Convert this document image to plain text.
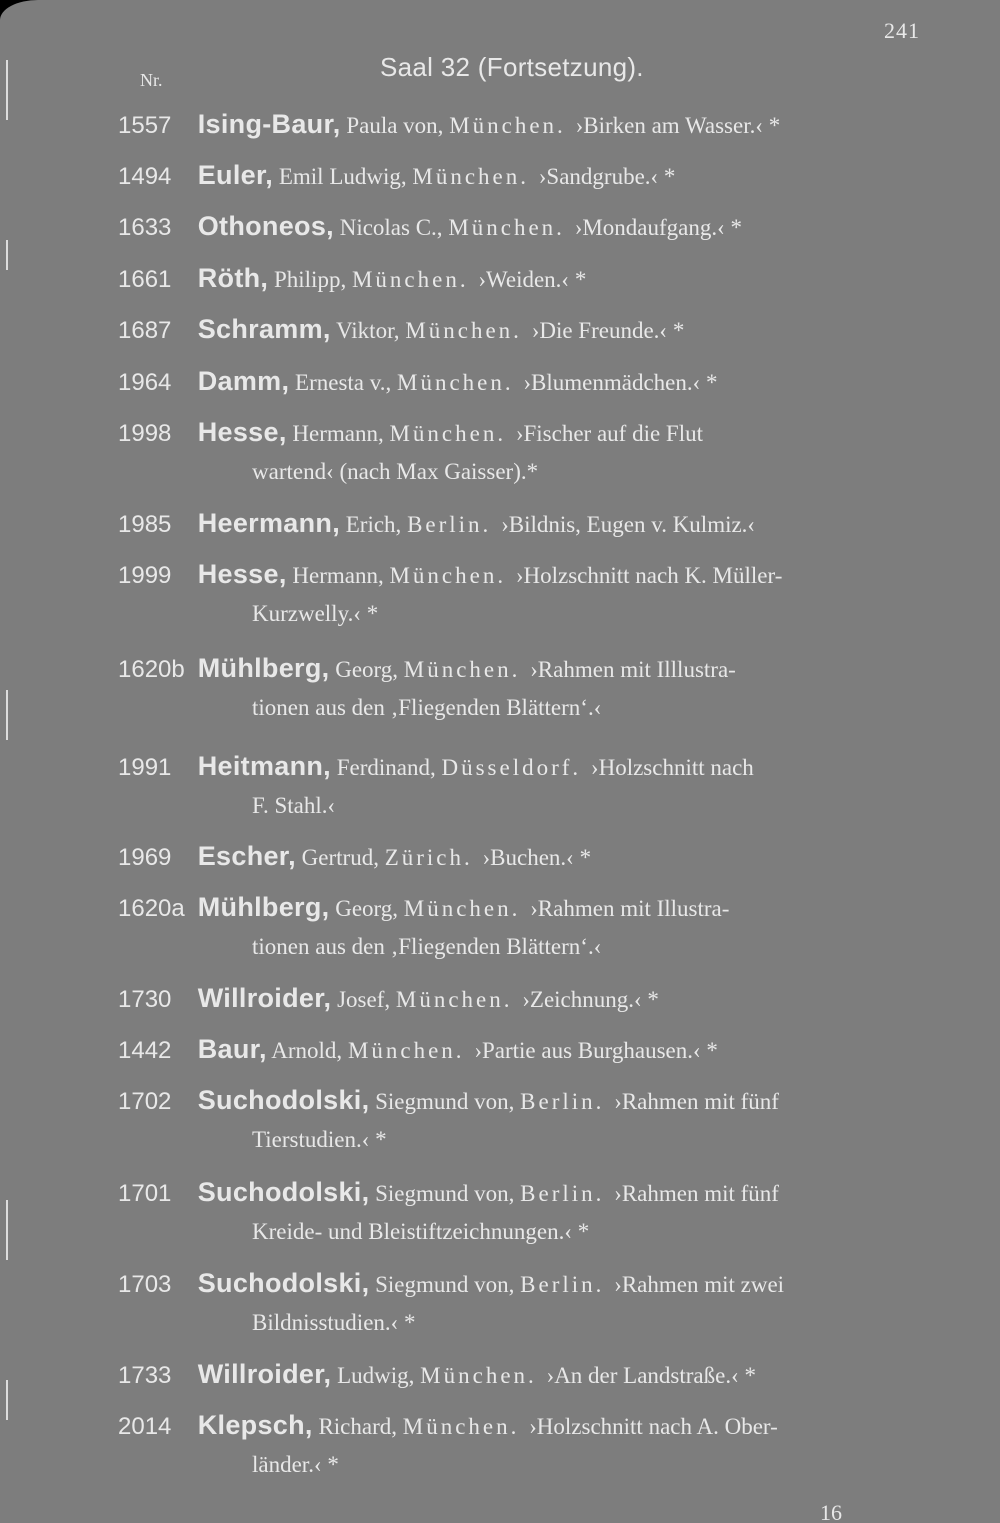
241
Nr.	Saal 32 (Fortsetzung).
1557 Ising-Baur, Paula von, München. ›Birken am Wasser.‹ *
1494 Euler, Emil Ludwig, München. ›Sandgrube.‹ *
1633 Othoneos, Nicolas C., München. ›Mondaufgang.‹ *
1661 Röth, Philipp, München. ›Weiden.‹ *
1687 Schramm, Viktor, München. ›Die Freunde.‹ *
1964 Damm, Ernesta v., München. ›Blumenmädchen.‹ *
1998 Hesse, Hermann, München. ›Fischer auf die Flut
wartend‹ (nach Max Gaisser).*
1985 Heermann, Erich, Berlin. ›Bildnis, Eugen v. Kulmiz.‹
1999 Hesse, Hermann, München. ›Holzschnitt nach K. Müller-
Kurzwelly.‹ *
1620b Mühlberg, Georg, München. ›Rahmen mit Illlustra-
tionen aus den ‚Fliegenden Blättern‘.‹
1991 Heitmann, Ferdinand, Düsseldorf. ›Holzschnitt nach
F. Stahl.‹
1969 Escher, Gertrud, Zürich. ›Buchen.‹ *
1620a Mühlberg, Georg, München. ›Rahmen mit Illustra-
tionen aus den ‚Fliegenden Blättern‘.‹
1730 Willroider, Josef, München. ›Zeichnung.‹ *
1442 Baur, Arnold, München. ›Partie aus Burghausen.‹ *
1702 Suchodolski, Siegmund von, Berlin. ›Rahmen mit fünf
Tierstudien.‹ *
1701 Suchodolski, Siegmund von, Berlin. ›Rahmen mit fünf
Kreide- und Bleistiftzeichnungen.‹ *
1703 Suchodolski, Siegmund von, Berlin. ›Rahmen mit zwei
Bildnisstudien.‹ *
1733 Willroider, Ludwig, München. ›An der Landstraße.‹ *
2014 Klepsch, Richard, München. ›Holzschnitt nach A. Ober-
länder.‹ *
16
